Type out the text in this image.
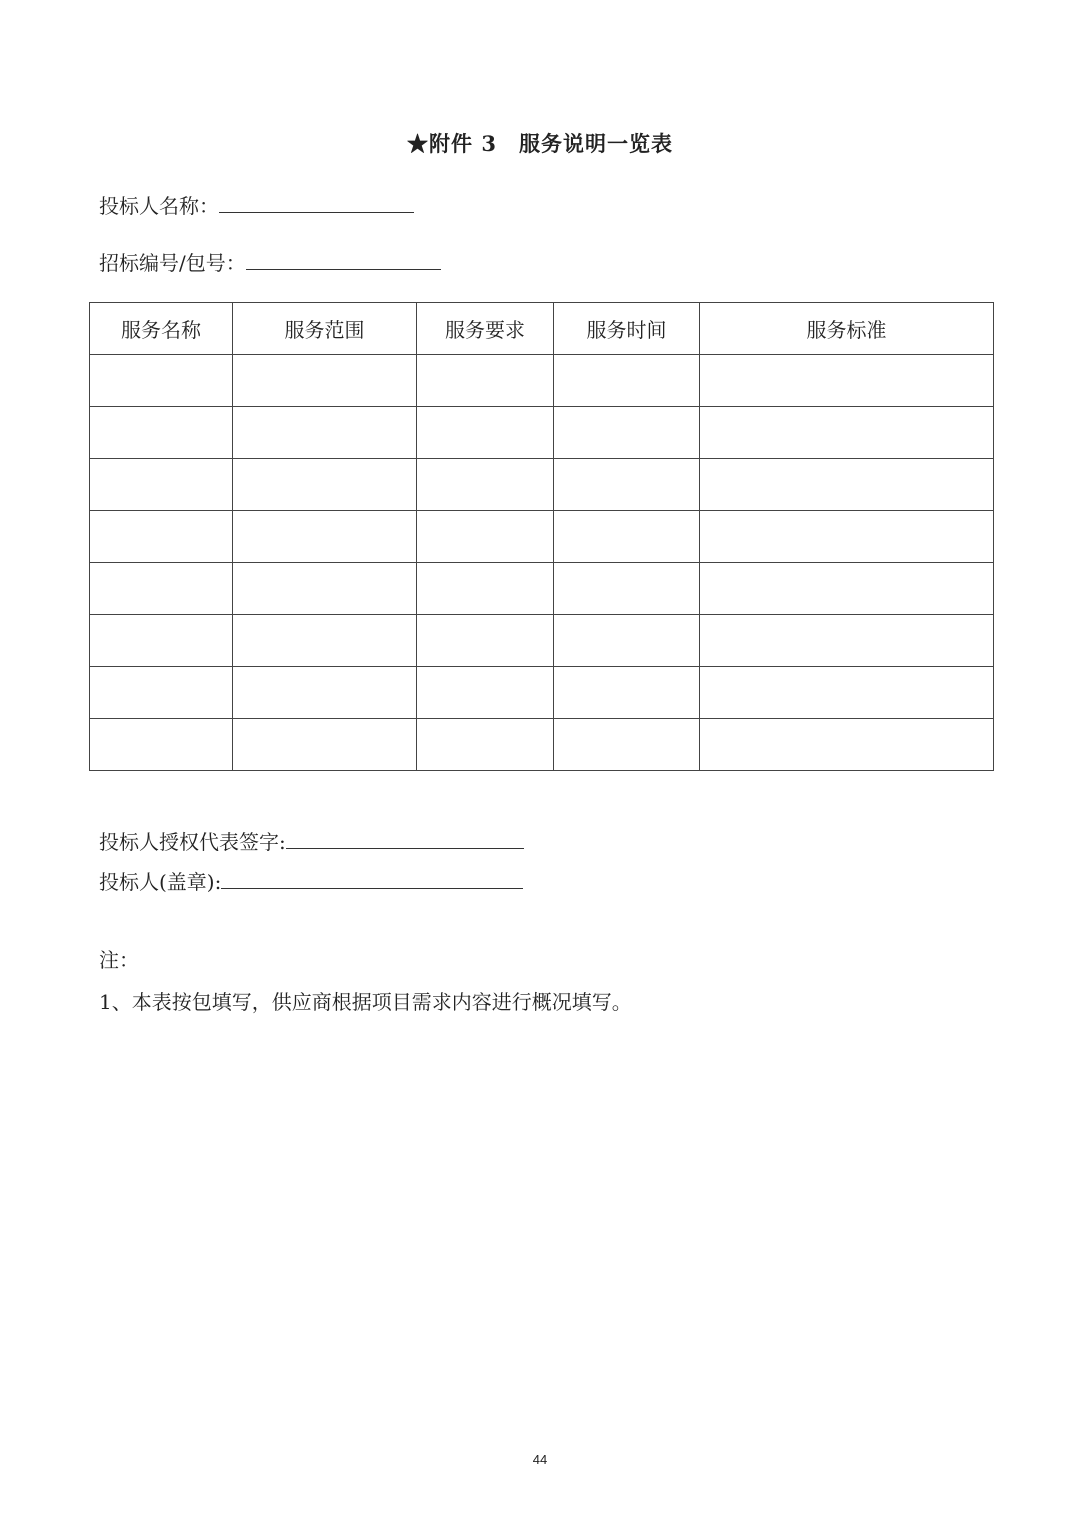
★附件 3　服务说明一览表
投标人名称：
招标编号/包号：
服务名称	服务范围	服务要求	服务时间	服务标准

投标人授权代表签字:
投标人(盖章):
注：
1、本表按包填写，供应商根据项目需求内容进行概况填写。
44
